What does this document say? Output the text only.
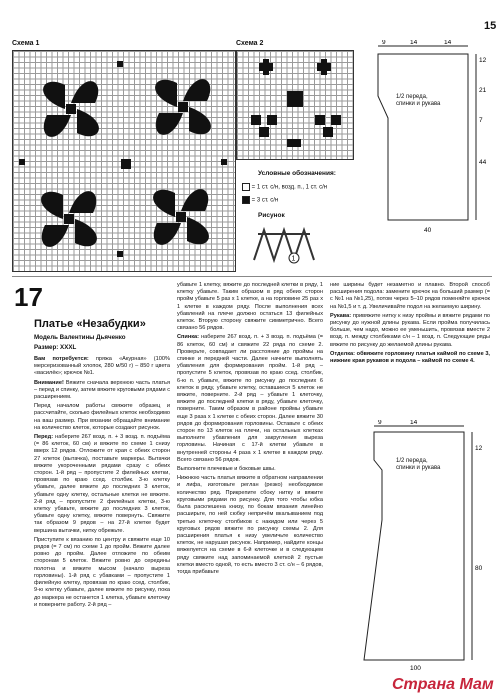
15
Схема 1	Схема 2
Условные обозначения:
= 1 ст. с/н, возд. п., 1 ст. с/н
= 3 ст. с/н
Рисунок
1
9	14	14
12
21
7
44
40
1/2 переда, спинки и рукава
17
Платье «Незабудки»
Модель Валентины Дьяченко
Размер: XXXL

Вам потребуется: пряжа «Акурная» (100% мерсеризованный хлопок, 280 м/50 г) – 850 г цвета «василёк»; крючок №1.

Внимание! Вяжите сначала верхнюю часть платья – перед и спинку, затем вяжите круговыми рядами с расширением.

Перед началом работы свяжите образец и рассчитайте, сколько филейных клеток необходимо на ваш размер. При вязании обращайте внимание на количество клеток, которые создают рисунок.

Перед: наберите 267 возд. п. + 3 возд. п. подъёма (= 86 клеток, 60 см) и вяжите по схеме 1 снизу вверх 12 рядов. Отложите от края с обеих сторон 27 клеток (вытачка), поставьте маркеры. Вытачки вяжите укороченными рядами сразу с обеих сторон. 1-й ряд – пропустите 2 филейных клетки, провязав по краю ссед. столбик. 3-ю клетку убавьте, далее вяжите до последних 3 клеток, убавьте одну клетку, остальные клетки не вяжите. 2-й ряд – пропустите 2 филейных клетки, 3-ю клетку убавьте, вяжите до последних 3 клеток, убавьте одну клетку, вяжите повернуть. Свяжите так образом 9 рядов – на 27-й клетке будет вершина вытачки, нитку обрежьте.

Приступите к вязанию по центру и свяжите еще 10 рядов (= 7 см) по схеме 1 до пройм. Вяжите далее ровно до пройм. Далее отложите по обеим сторонам 5 клеток. Вяжите ровно до середины полотна и вяжите мысом (начало выреза горловины). 1-й ряд с убавками – пропустите 1 филейную клетку, провязав по краю ссед. столбик, 9-ю клетку убавьте, далее вяжите по рисунку, пока до маркера не останется 1 клетка, убавьте клеточку и поверните работу. 2-й ряд –

убавьте 1 клетку, вяжите до последней клетки в ряду, 1 клетку убавьте. Таким образом в ряд обеих сторон пройм убавьте 5 раз х 1 клетке, а на горловине 25 раз х 1 клетке в каждом ряду. После выполнения всех убавлений на плече должно остаться 13 филейных клеток. Вторую сторону свяжите симметрично. Всего связано 56 рядов.

Спинка: наберите 267 возд. п. + 3 возд. п. подъёма (= 86 клеток, 60 см) и свяжите 22 ряда по схеме 2. Проверьте, совпадает ли расстояние до проймы на спинке и передней части. Далее начните выполнять убавления для формирования пройм. 1-й ряд – пропустите 5 клеток, провязав по краю ссед. столбик, 6-ю п. убавьте, вяжите по рисунку до последних 6 клеток в ряду, убавьте клетку, оставшиеся 5 клеток не вяжите, поверните. 2-й ряд – убавьте 1 клеточку, вяжите до последней клетки в ряду, убавьте клеточку, поверните. Таким образом в районе проймы убавьте еще 3 раза х 1 клетке с обеих сторон. Далее вяжите 30 рядов до формирования горловины. Оставьте с обеих сторон по 13 клеток на плечи, на остальных клетках выполните убавления для закругления выреза горловины. Начиная с 17-й клетки убавьте в внутренней стороны 4 раза х 1 клетке в каждом ряду. Всего связано 56 рядов.

Выполните плечевые и боковые швы.

Нижнюю часть платья вяжите в обратном направлении и лифа, изготовьте реглан (резко) необходимое количество ряд. Прикрепите сбоку нитку и вяжите круговыми рядами по рисунку. Для того чтобы юбка была расклешена книзу, по бокам вязания линейно расширьте, по ней сюбку непричём вкалыванием под третью клеточку столбиков с накидом или через 5 круговых рядов вяжите по рисунку схемы 2. Для расширения платья к низу увеличьте количество клеток, не нарушая рисунок. Например, найдите концы вяжелуется на схеме в 6-й клеточке и в следующем ряду свяжите над запоминаемой клеткой 2 пустые клетки вместо одной, то есть вместо 3 ст. с/н – 6 рядов, тогда прибавьте

ние ширины будет незаметно и плавно. Второй способ расширения подола: замените крючок на больший размер (= с №1 на №1,25), потом через 5–10 рядов поменяйте крючок на №1,5 и т. д. Увеличивайте подол на желаемую ширину.

Рукава: привяжите нитку к низу проймы и вяжите рядами по рисунку до нужной длины рукава. Если пройма получилась больше, чем надо, можно ее уменьшить, провязав вместе 2 возд. п. между столбиками с/н – 1 возд. п. Следующие ряды вяжите по рисунку до желаемой длины рукава.

Отделка: обвяжите горловину платья каймой по схеме 3, нижние края рукавов и подола – каймой по схеме 4.

9	14
12
80
100
1/2 переда, спинки и рукава
Страна Мам
